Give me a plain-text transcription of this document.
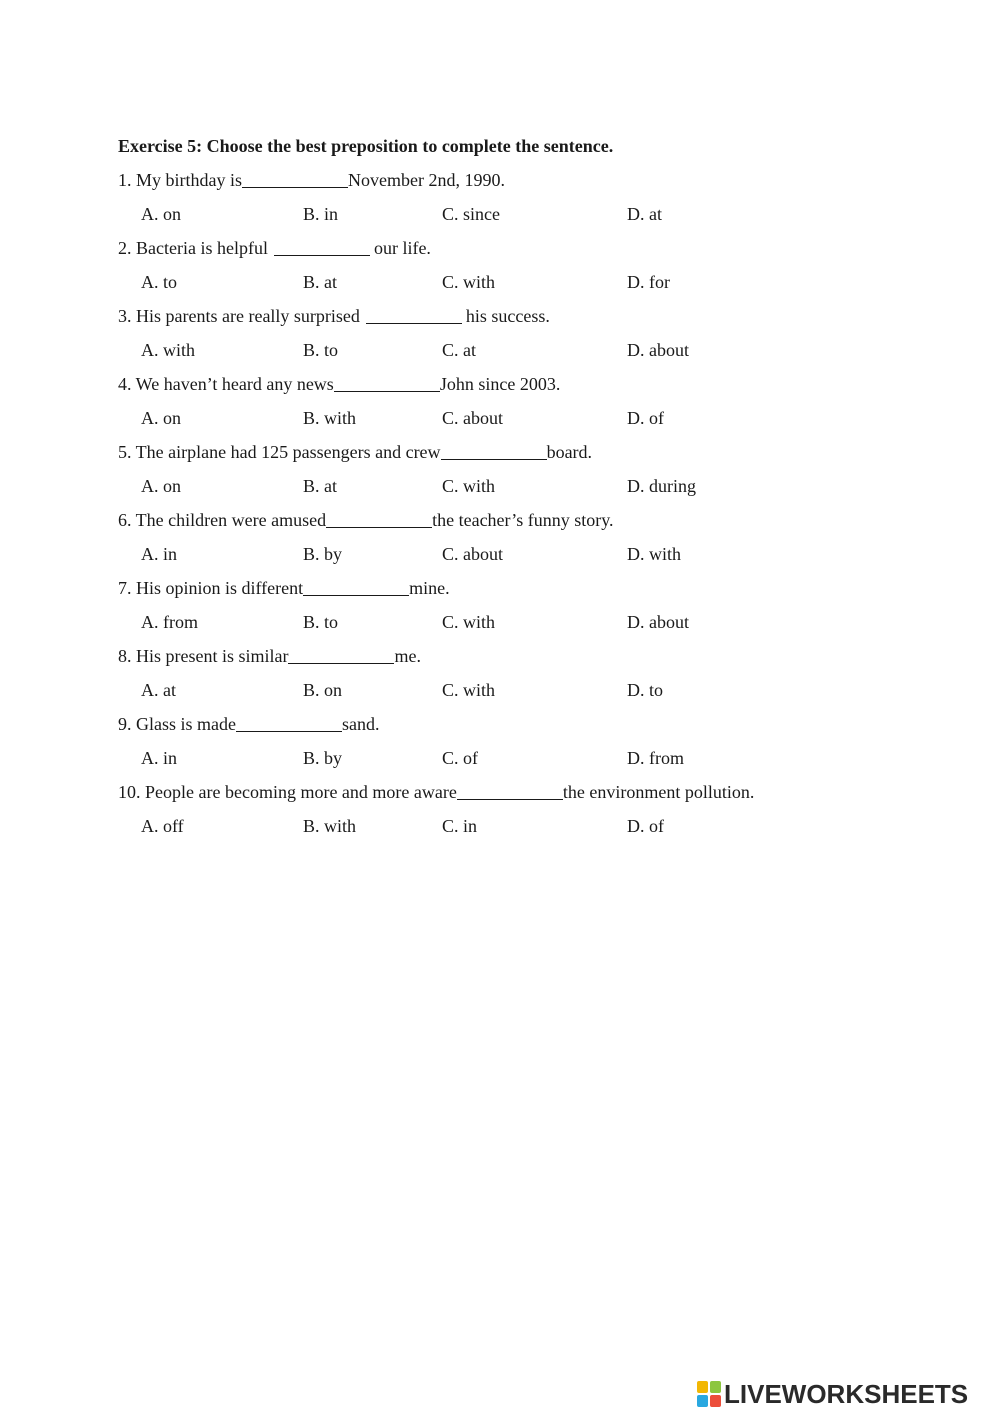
Exercise 5: Choose the best preposition to complete the sentence.
1. My birthday is	November 2nd, 1990.
A. on	B. in	C. since	D. at
2. Bacteria is helpful	our life.
A. to	B. at	C. with	D. for
3. His parents are really surprised	his success.
A. with	B. to	C. at	D. about
4. We haven’t heard any news	John since 2003.
A. on	B. with	C. about	D. of
5. The airplane had 125 passengers and crew	board.
A. on	B. at	C. with	D. during
6. The children were amused	the teacher’s funny story.
A. in	B. by	C. about	D. with
7. His opinion is different	mine.
A. from	B. to	C. with	D. about
8. His present is similar	me.
A. at	B. on	C. with	D. to
9. Glass is made	sand.
A. in	B. by	C. of	D. from
10. People are becoming more and more aware	the environment pollution.
A. off	B. with	C. in	D. of
LIVEWORKSHEETS
